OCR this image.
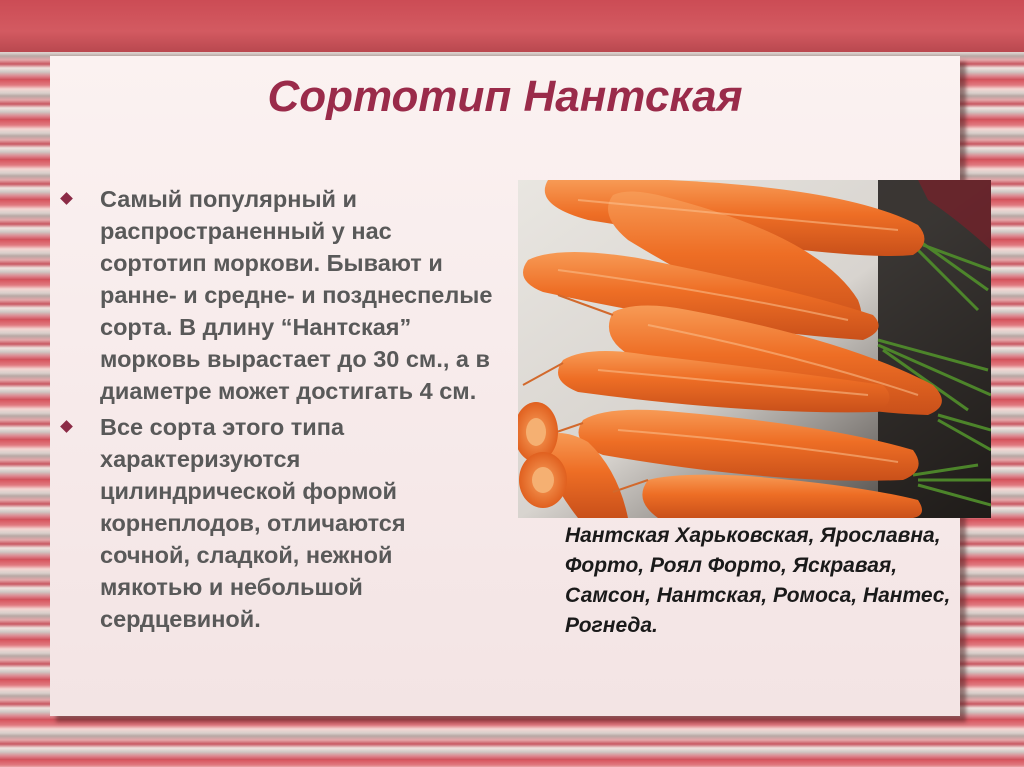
Сортотип Нантская
Самый популярный и распространенный у нас сортотип моркови. Бывают и ранне- и средне- и позднеспелые сорта. В длину “Нантская” морковь вырастает до 30 см., а в диаметре может достигать 4 см.
Все сорта этого типа характеризуются цилиндрической формой корнеплодов, отличаются сочной, сладкой, нежной мякотью и небольшой сердцевиной.

Нантская Харьковская, Ярославна, Форто, Роял Форто, Яскравая, Самсон, Нантская, Ромоса, Нантес, Рогнеда.
